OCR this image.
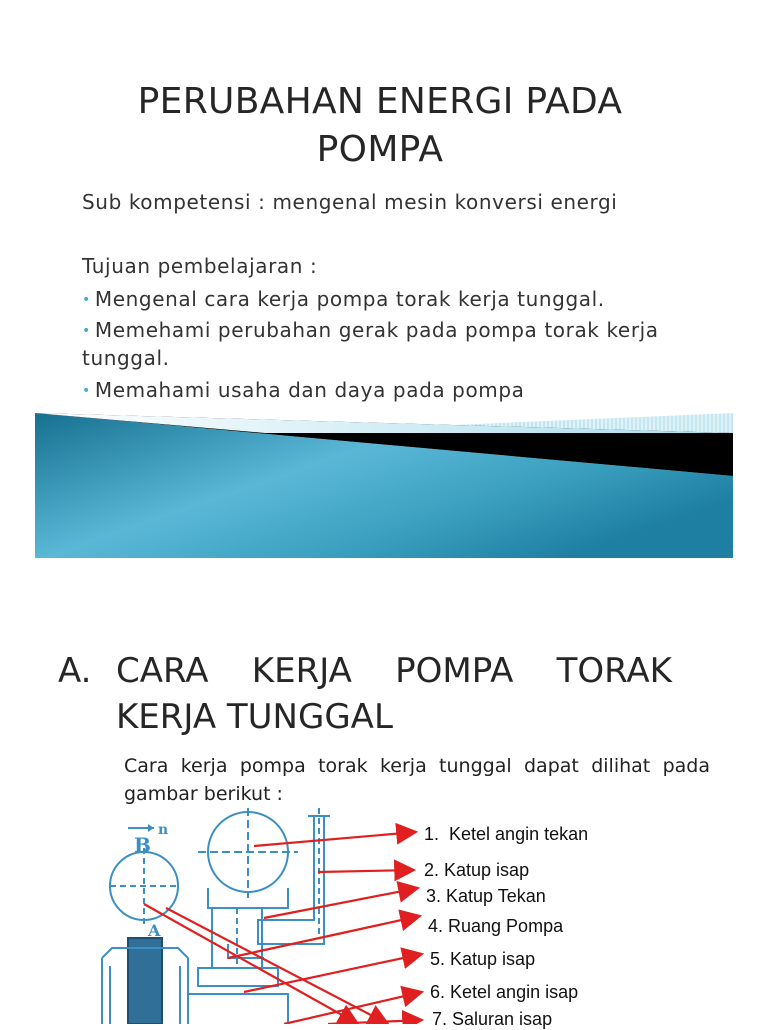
PERUBAHAN ENERGI PADA
POMPA
Sub kompetensi : mengenal mesin konversi energi
Tujuan pembelajaran :
• Mengenal cara kerja pompa torak kerja tunggal.
• Memehami perubahan gerak pada pompa torak kerja
tunggal.
• Memahami usaha dan daya pada pompa
A. CARA KERJA POMPA TORAK
KERJA TUNGGAL
Cara kerja pompa torak kerja tunggal dapat dilihat pada gambar berikut :
B
n
A
1.  Ketel angin tekan
2. Katup isap
3. Katup Tekan
4. Ruang Pompa
5. Katup isap
6. Ketel angin isap
7. Saluran isap
